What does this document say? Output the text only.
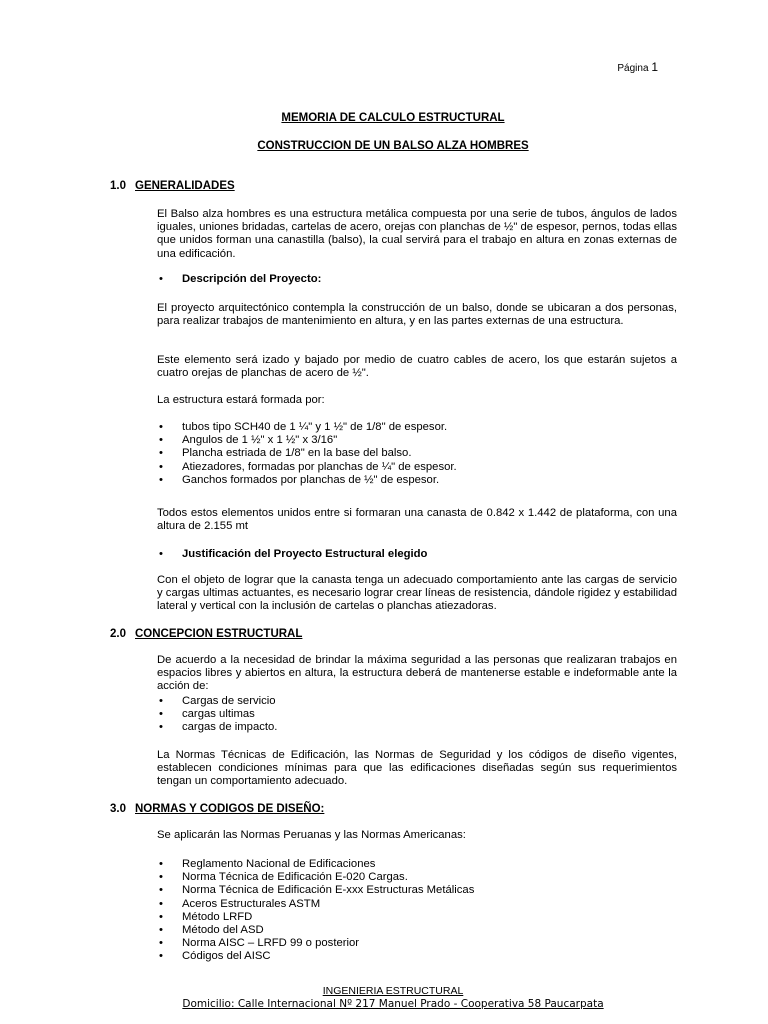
Página 1
MEMORIA DE CALCULO ESTRUCTURAL
CONSTRUCCION DE UN BALSO ALZA HOMBRES
1.0 GENERALIDADES
El Balso alza hombres es una estructura metálica compuesta por una serie de tubos, ángulos de lados iguales, uniones bridadas, cartelas de acero, orejas con planchas de ½" de espesor, pernos, todas ellas que unidos forman una canastilla (balso), la cual servirá para el trabajo en altura en zonas externas de una edificación.
• Descripción del Proyecto:
El proyecto arquitectónico contempla la construcción de un balso, donde se ubicaran a dos personas, para realizar trabajos de mantenimiento en altura, y en las partes externas de una estructura.
Este elemento será izado y bajado por medio de cuatro cables de acero, los que estarán sujetos a cuatro orejas de planchas de acero de ½".
La estructura estará formada por:
• tubos tipo SCH40 de 1 ¼" y 1 ½" de 1/8" de espesor.
• Angulos de 1 ½" x 1 ½" x 3/16"
• Plancha estriada de 1/8" en la base del balso.
• Atiezadores, formadas por planchas de ¼" de espesor.
• Ganchos formados por planchas de ½" de espesor.
Todos estos elementos unidos entre si formaran una canasta de 0.842 x 1.442 de plataforma, con una altura de 2.155 mt
• Justificación del Proyecto Estructural elegido
Con el objeto de lograr que la canasta tenga un adecuado comportamiento ante las cargas de servicio y cargas ultimas actuantes, es necesario lograr crear líneas de resistencia, dándole rigidez y estabilidad lateral y vertical con la inclusión de cartelas o planchas atiezadoras.
2.0 CONCEPCION ESTRUCTURAL
De acuerdo a la necesidad de brindar la máxima seguridad a las personas que realizaran trabajos en espacios libres y abiertos en altura, la estructura deberá de mantenerse estable e indeformable ante la acción de:
• Cargas de servicio
• cargas ultimas
• cargas de impacto.
La Normas Técnicas de Edificación, las Normas de Seguridad y los códigos de diseño vigentes, establecen condiciones mínimas para que las edificaciones diseñadas según sus requerimientos tengan un comportamiento adecuado.
3.0 NORMAS Y CODIGOS DE DISEÑO:
Se aplicarán las Normas Peruanas y las Normas Americanas:
• Reglamento Nacional de Edificaciones
• Norma Técnica de Edificación E-020 Cargas.
• Norma Técnica de Edificación E-xxx Estructuras Metálicas
• Aceros Estructurales ASTM
• Método LRFD
• Método del ASD
• Norma AISC – LRFD 99 o posterior
• Códigos del AISC
INGENIERIA ESTRUCTURAL
Domicilio: Calle Internacional Nº 217 Manuel Prado - Cooperativa 58 Paucarpata
